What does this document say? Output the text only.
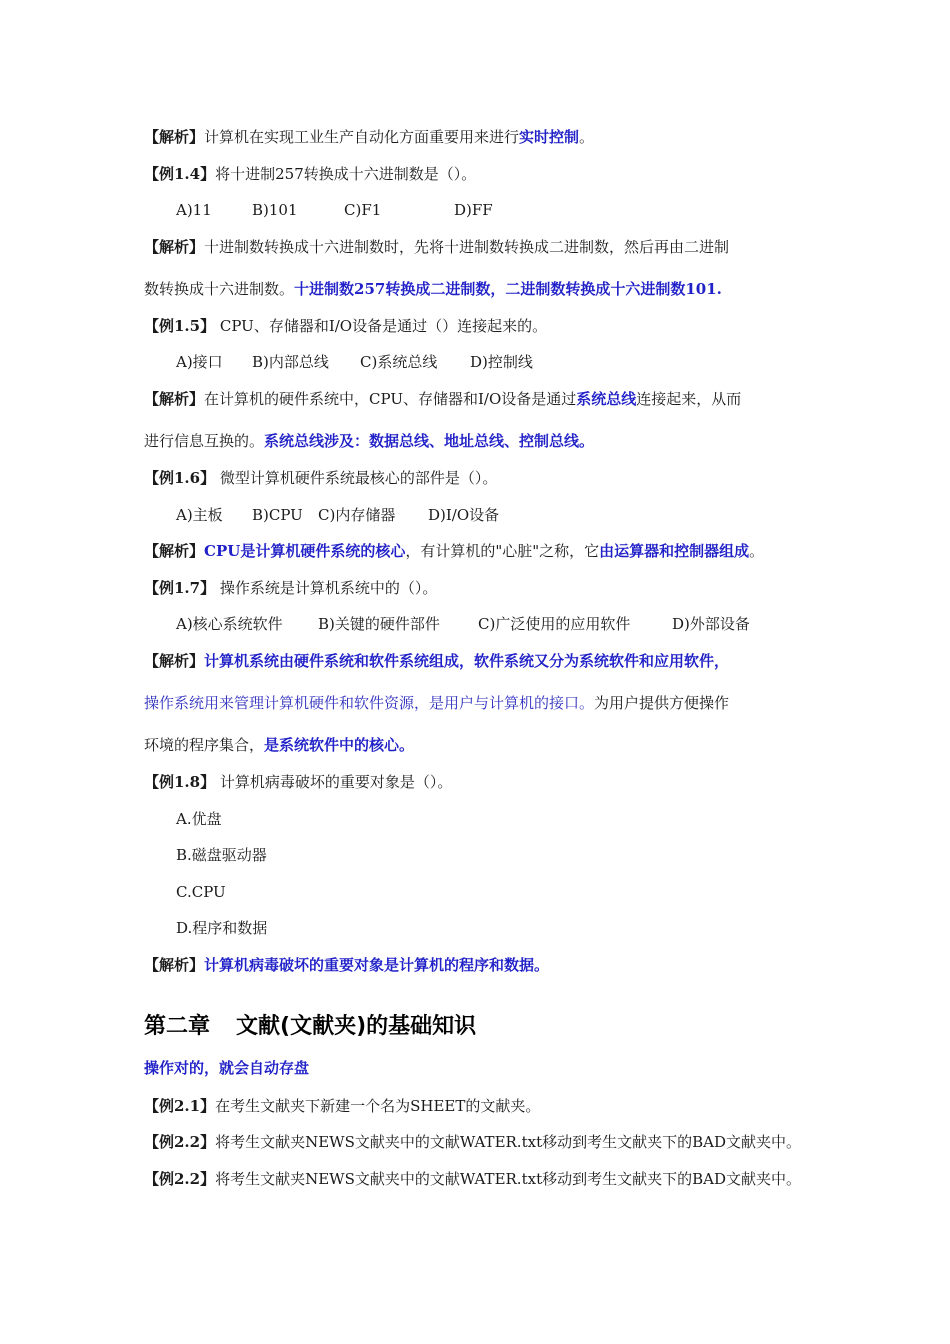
【解析】计算机在实现工业生产自动化方面重要用来进行实时控制。
【例1.4】将十进制257转换成十六进制数是（）。
A)11	B)101	C)F1	D)FF
【解析】十进制数转换成十六进制数时，先将十进制数转换成二进制数，然后再由二进制
数转换成十六进制数。十进制数257转换成二进制数，二进制数转换成十六进制数101.
【例1.5】 CPU、存储器和I/O设备是通过（）连接起来的。
A)接口 B)内部总线 C)系统总线 D)控制线
【解析】在计算机的硬件系统中，CPU、存储器和I/O设备是通过系统总线连接起来，从而
进行信息互换的。系统总线涉及：数据总线、地址总线、控制总线。
【例1.6】 微型计算机硬件系统最核心的部件是（）。
A)主板 B)CPU C)内存储器 D)I/O设备
【解析】CPU是计算机硬件系统的核心，有计算机的"心脏"之称，它由运算器和控制器组成。
【例1.7】 操作系统是计算机系统中的（）。
A)核心系统软件 B)关键的硬件部件	C)广泛使用的应用软件	D)外部设备
【解析】计算机系统由硬件系统和软件系统组成，软件系统又分为系统软件和应用软件，
操作系统用来管理计算机硬件和软件资源，是用户与计算机的接口。为用户提供方便操作
环境的程序集合，是系统软件中的核心。
【例1.8】 计算机病毒破坏的重要对象是（）。
A.优盘
B.磁盘驱动器
C.CPU
D.程序和数据
【解析】计算机病毒破坏的重要对象是计算机的程序和数据。
第二章 文献(文献夹)的基础知识
操作对的，就会自动存盘
【例2.1】在考生文献夹下新建一个名为SHEET的文献夹。
【例2.2】将考生文献夹NEWS文献夹中的文献WATER.txt移动到考生文献夹下的BAD文献夹中。
【例2.2】将考生文献夹NEWS文献夹中的文献WATER.txt移动到考生文献夹下的BAD文献夹中。
